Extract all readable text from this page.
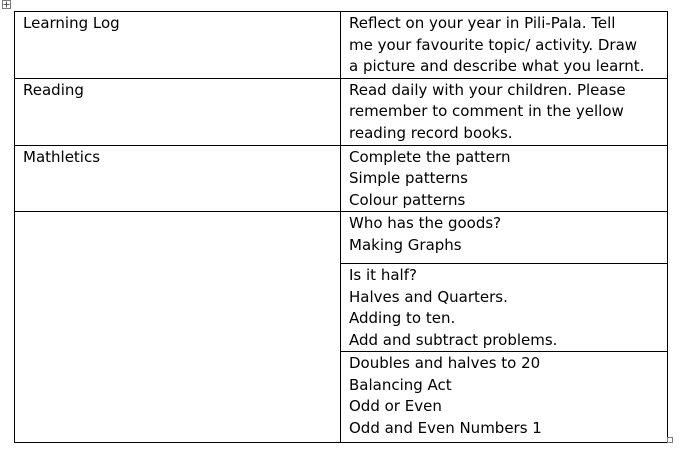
Learning Log	Reflect on your year in Pili-Pala. Tell
me your favourite topic/ activity. Draw
a picture and describe what you learnt.

Reading	Read daily with your children. Please
remember to comment in the yellow
reading record books.

Mathletics	Complete the pattern
Simple patterns
Colour patterns

	Who has the goods?
Making Graphs

	Is it half?
Halves and Quarters.
Adding to ten.
Add and subtract problems.

	Doubles and halves to 20
Balancing Act
Odd or Even
Odd and Even Numbers 1
